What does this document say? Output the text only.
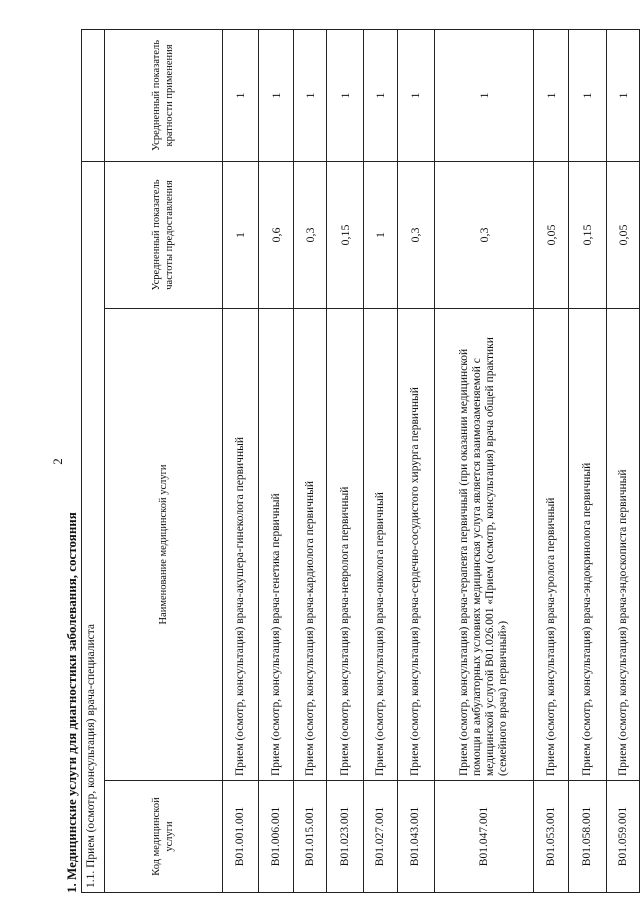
2
1. Медицинские услуги для диагностики заболевания, состояния 1.1. Прием (осмотр, консультация) врача-специалиста			
Код медицинской услуги	Наименование медицинской услуги	Усредненный показатель частоты предоставления	Усредненный показатель кратности применения
B01.001.001	Прием (осмотр, консультация) врача-акушера-гинеколога первичный	1	1
B01.006.001	Прием (осмотр, консультация) врача-генетика первичный	0,6	1
B01.015.001	Прием (осмотр, консультация) врача-кардиолога первичный	0,3	1
B01.023.001	Прием (осмотр, консультация) врача-невролога первичный	0,15	1
B01.027.001	Прием (осмотр, консультация) врача-онколога первичный	1	1
B01.043.001	Прием (осмотр, консультация) врача-сердечно-сосудистого хирурга первичный	0,3	1
B01.047.001	Прием (осмотр, консультация) врача-терапевта первичный (при оказании медицинской помощи в амбулаторных условиях медицинская услуга является взаимозаменяемой с медицинской услугой B01.026.001 «Прием (осмотр, консультация) врача общей практики (семейного врача) первичный»)	0,3	1
B01.053.001	Прием (осмотр, консультация) врача-уролога первичный	0,05	1
B01.058.001	Прием (осмотр, консультация) врача-эндокринолога первичный	0,15	1
B01.059.001	Прием (осмотр, консультация) врача-эндоскописта первичный	0,05	1
